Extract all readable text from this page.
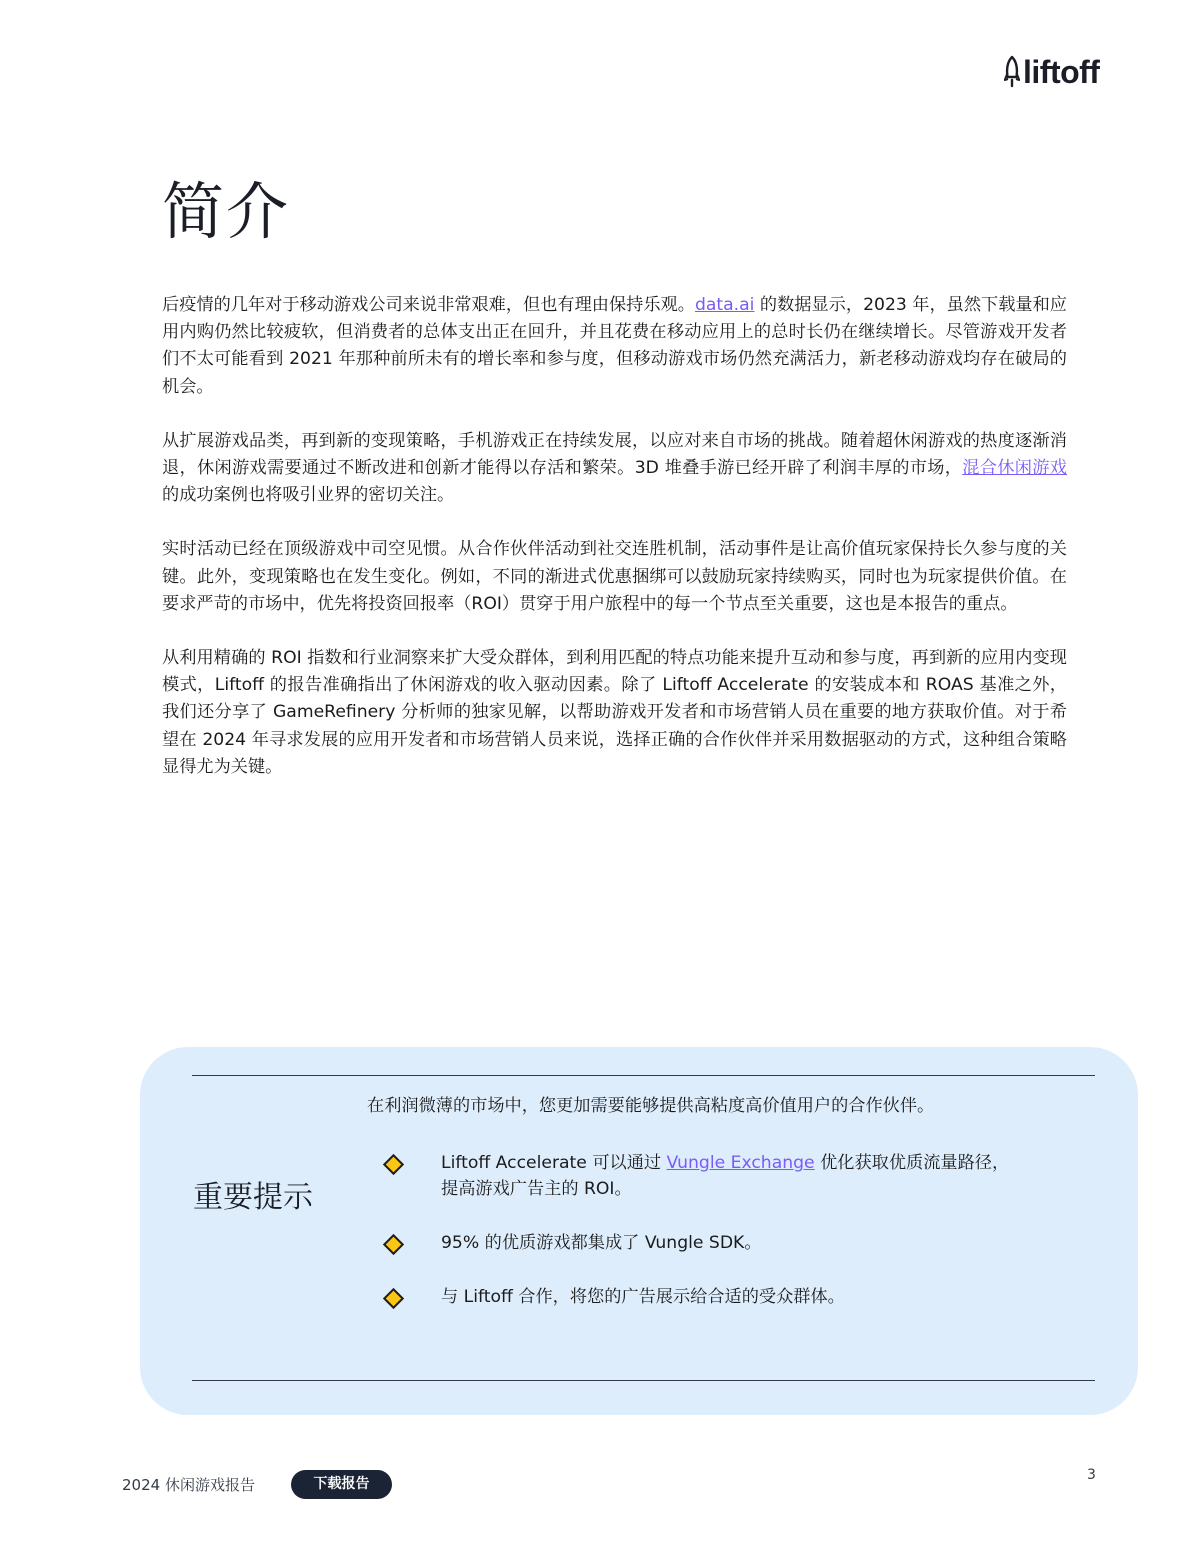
liftoff
简介

后疫情的几年对于移动游戏公司来说非常艰难，但也有理由保持乐观。data.ai 的数据显示，2023 年，虽然下载量和应用内购仍然比较疲软，但消费者的总体支出正在回升，并且花费在移动应用上的总时长仍在继续增长。尽管游戏开发者们不太可能看到 2021 年那种前所未有的增长率和参与度，但移动游戏市场仍然充满活力，新老移动游戏均存在破局的机会。

从扩展游戏品类，再到新的变现策略，手机游戏正在持续发展，以应对来自市场的挑战。随着超休闲游戏的热度逐渐消退，休闲游戏需要通过不断改进和创新才能得以存活和繁荣。3D 堆叠手游已经开辟了利润丰厚的市场，混合休闲游戏 的成功案例也将吸引业界的密切关注。

实时活动已经在顶级游戏中司空见惯。从合作伙伴活动到社交连胜机制，活动事件是让高价值玩家保持长久参与度的关键。此外，变现策略也在发生变化。例如，不同的渐进式优惠捆绑可以鼓励玩家持续购买，同时也为玩家提供价值。在要求严苛的市场中，优先将投资回报率（ROI）贯穿于用户旅程中的每一个节点至关重要，这也是本报告的重点。

从利用精确的 ROI 指数和行业洞察来扩大受众群体，到利用匹配的特点功能来提升互动和参与度，再到新的应用内变现模式，Liftoff 的报告准确指出了休闲游戏的收入驱动因素。除了 Liftoff Accelerate 的安装成本和 ROAS 基准之外，我们还分享了 GameRefinery 分析师的独家见解，以帮助游戏开发者和市场营销人员在重要的地方获取价值。对于希望在 2024 年寻求发展的应用开发者和市场营销人员来说，选择正确的合作伙伴并采用数据驱动的方式，这种组合策略显得尤为关键。

重要提示
在利润微薄的市场中，您更加需要能够提供高粘度高价值用户的合作伙伴。
Liftoff Accelerate 可以通过 Vungle Exchange 优化获取优质流量路径，提高游戏广告主的 ROI。
95% 的优质游戏都集成了 Vungle SDK。
与 Liftoff 合作，将您的广告展示给合适的受众群体。
2024 休闲游戏报告	下载报告
3
